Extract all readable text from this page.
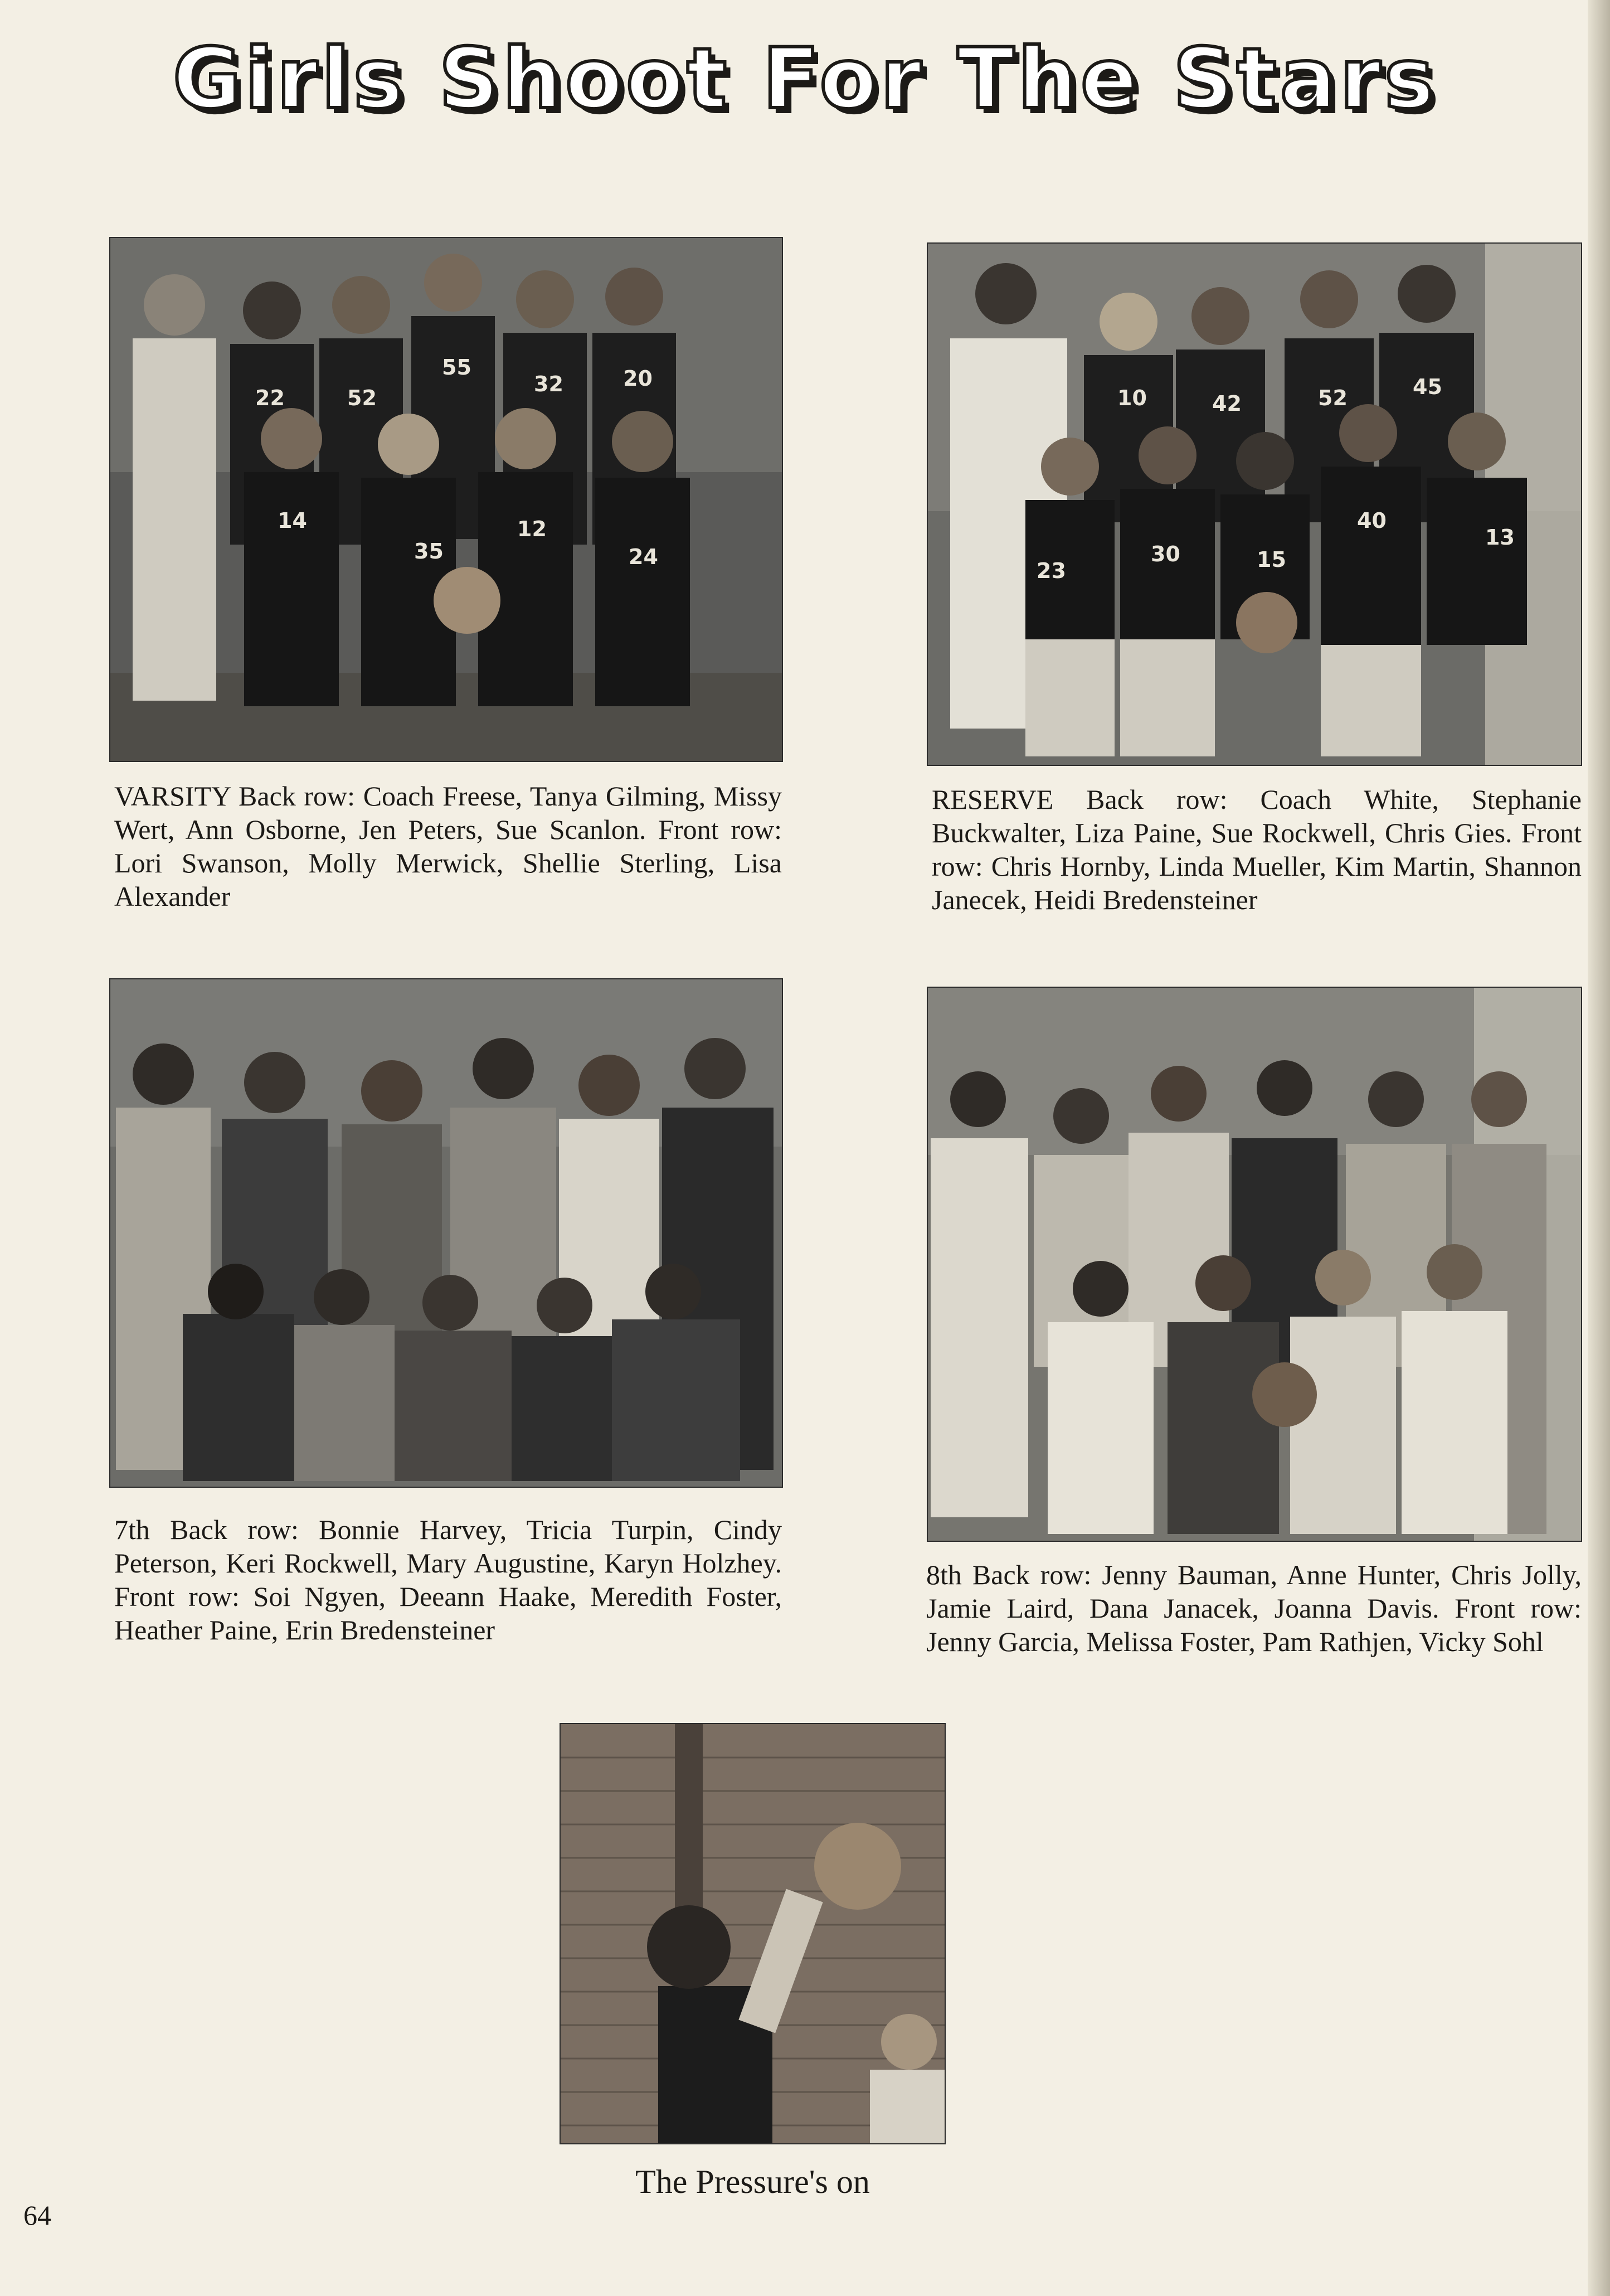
Girls Shoot For The Stars
22	52
55
32	20
14
35
12
24
VARSITY Back row: Coach Freese, Tanya Gilming, Missy Wert, Ann Osborne, Jen Peters, Sue Scanlon. Front row: Lori Swanson, Molly Merwick, Shellie Sterling, Lisa Alexander
10	42	52	45
23
30	15
40
13
RESERVE Back row: Coach White, Stephanie Buckwalter, Liza Paine, Sue Rockwell, Chris Gies. Front row: Chris Hornby, Linda Mueller, Kim Martin, Shannon Janecek, Heidi Bredensteiner
7th Back row: Bonnie Harvey, Tricia Turpin, Cindy Peterson, Keri Rockwell, Mary Augustine, Karyn Holzhey. Front row: Soi Ngyen, Deeann Haake, Meredith Foster, Heather Paine, Erin Bredensteiner
8th Back row: Jenny Bauman, Anne Hunter, Chris Jolly, Jamie Laird, Dana Janacek, Joanna Davis. Front row: Jenny Garcia, Melissa Foster, Pam Rathjen, Vicky Sohl
The Pressure's on
64
